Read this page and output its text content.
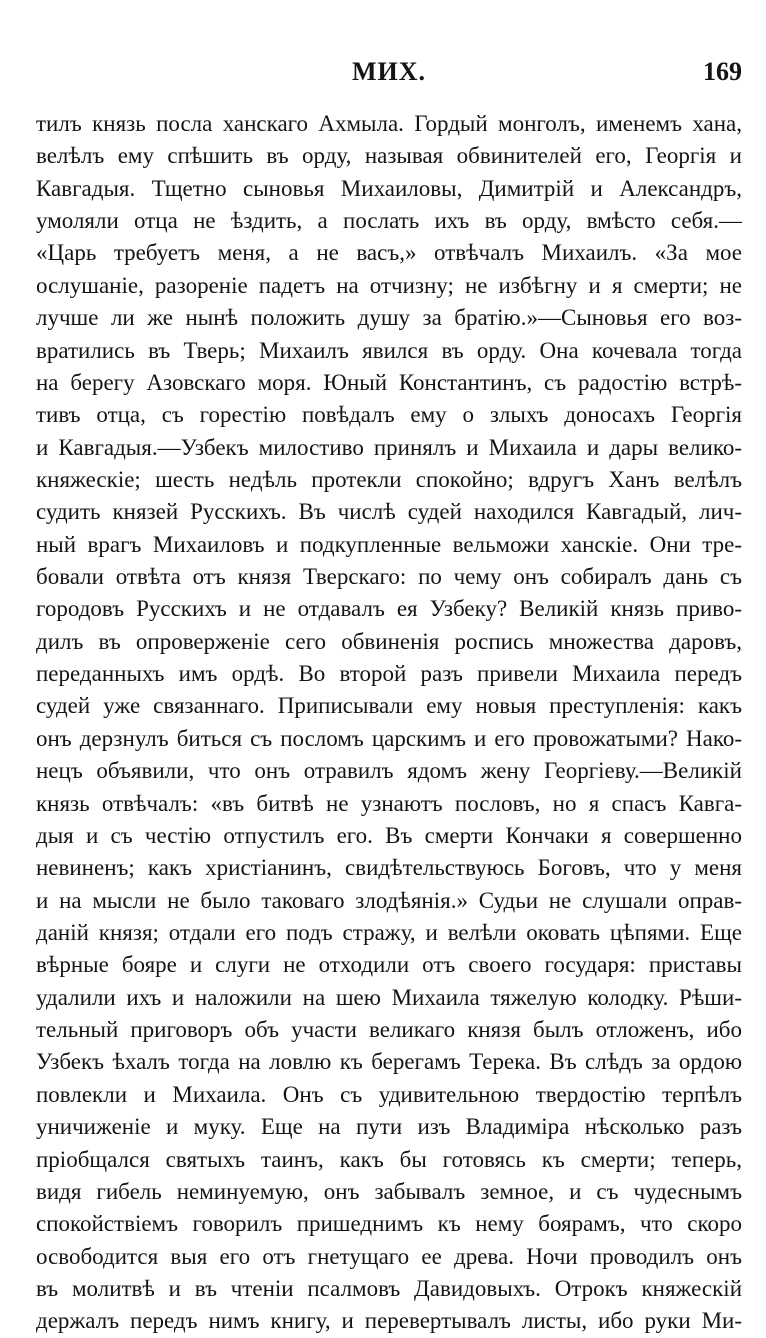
МИХ.	169
тилъ князь посла ханскаго Ахмыла. Гордый монголъ, именемъ хана,
велѣлъ ему спѣшить въ орду, называя обвинителей его, Георгія и
Кавгадыя. Тщетно сыновья Михаиловы, Димитрій и Александръ,
умоляли отца не ѣздить, а послать ихъ въ орду, вмѣсто себя.—
«Царь требуетъ меня, а не васъ,» отвѣчалъ Михаилъ. «За мое
ослушаніе, разореніе падетъ на отчизну; не избѣгну и я смерти; не
лучше ли же нынѣ положить душу за братію.»—Сыновья его воз-
вратились въ Тверь; Михаилъ явился въ орду. Она кочевала тогда
на берегу Азовскаго моря. Юный Константинъ, съ радостію встрѣ-
тивъ отца, съ горестію повѣдалъ ему о злыхъ доносахъ Георгія
и Кавгадыя.—Узбекъ милостиво принялъ и Михаила и дары велико-
княжескіе; шесть недѣль протекли спокойно; вдругъ Ханъ велѣлъ
судить князей Русскихъ. Въ числѣ судей находился Кавгадый, лич-
ный врагъ Михаиловъ и подкупленные вельможи ханскіе. Они тре-
бовали отвѣта отъ князя Тверскаго: по чему онъ собиралъ дань съ
городовъ Русскихъ и не отдавалъ ея Узбеку? Великій князь приво-
дилъ въ опроверженіе сего обвиненія роспись множества даровъ,
переданныхъ имъ ордѣ. Во второй разъ привели Михаила передъ
судей уже связаннаго. Приписывали ему новыя преступленія: какъ
онъ дерзнулъ биться съ посломъ царскимъ и его провожатыми? Нако-
нецъ объявили, что онъ отравилъ ядомъ жену Георгіеву.—Великій
князь отвѣчалъ: «въ битвѣ не узнаютъ пословъ, но я спасъ Кавга-
дыя и съ честію отпустилъ его. Въ смерти Кончаки я совершенно
невиненъ; какъ христіанинъ, свидѣтельствуюсь Боговъ, что у меня
и на мысли не было таковаго злодѣянія.» Судьи не слушали оправ-
даній князя; отдали его подъ стражу, и велѣли оковать цѣпями. Еще
вѣрные бояре и слуги не отходили отъ своего государя: приставы
удалили ихъ и наложили на шею Михаила тяжелую колодку. Рѣши-
тельный приговоръ объ участи великаго князя былъ отложенъ, ибо
Узбекъ ѣхалъ тогда на ловлю къ берегамъ Терека. Въ слѣдъ за ордою
повлекли и Михаила. Онъ съ удивительною твердостію терпѣлъ
уничиженіе и муку. Еще на пути изъ Владиміра нѣсколько разъ
пріобщался святыхъ таинъ, какъ бы готовясь къ смерти; теперь,
видя гибель неминуемую, онъ забывалъ земное, и съ чудеснымъ
спокойствіемъ говорилъ пришеднимъ къ нему боярамъ, что скоро
освободится выя его отъ гнетущаго ее древа. Ночи проводилъ онъ
въ молитвѣ и въ чтеніи псалмовъ Давидовыхъ. Отрокъ княжескій
держалъ передъ нимъ книгу, и перевертывалъ листы, ибо руки Ми-
